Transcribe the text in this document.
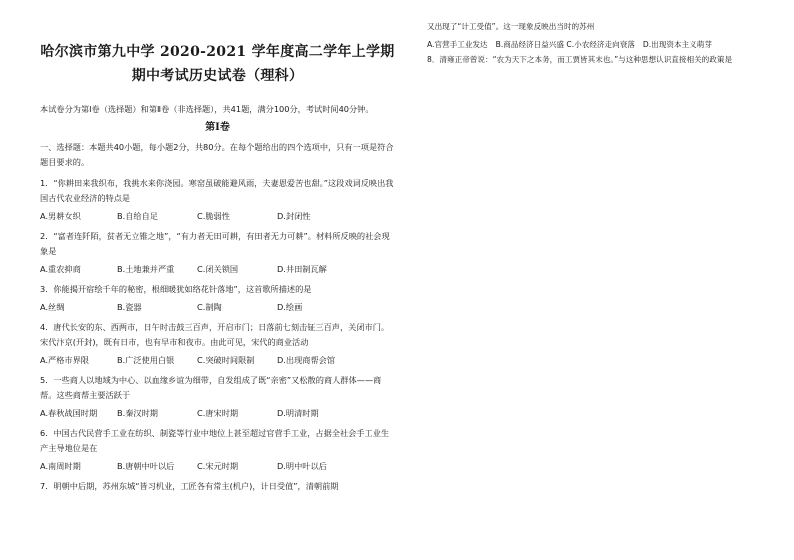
哈尔滨市第九中学 2020-2021 学年度高二学年上学期
期中考试历史试卷（理科）
本试卷分为第Ⅰ卷（选择题）和第Ⅱ卷（非选择题），共41题，满分100分，考试时间40分钟。
第Ⅰ卷
一、选择题：本题共40小题，每小题2分，共80分。在每个题给出的四个选项中，只有一项是符合题目要求的。
1．“你耕田来我织布，我挑水来你浇园。寒窑虽破能避风雨，夫妻恩爱苦也甜。”这段戏词反映出我国古代农业经济的特点是
A.男耕女织	B.自给自足	C.脆弱性	D.封闭性
2．“富者连阡陌，贫者无立锥之地”，“有力者无田可耕，有田者无力可耕”。材料所反映的社会现象是
A.重农抑商	B.土地兼并严重	C.闭关锁国	D.井田制瓦解
3．你能揭开宿绘千年的秘密，根细暖犹如络花针落地”，这首歌所描述的是
A.丝绸	B.瓷器	C.制陶	D.绘画
4．唐代长安的东、西两市，日午时击鼓三百声，开启市门；日落前七刻击钲三百声，关闭市门。宋代汴京(开封)，既有日市，也有早市和夜市。由此可见，宋代的商业活动
A.严格市界限	B.广泛使用白银	C.突破时间限制	D.出现商帮会馆
5．一些商人以地域为中心、以血缘乡谊为细带，自发组成了既“亲密”又松散的商人群体——商帮。这些商帮主要活跃于
A.春秋战国时期	B.秦汉时期	C.唐宋时期	D.明清时期
6．中国古代民营手工业在纺织、制瓷等行业中地位上甚至超过官营手工业，占据全社会手工业生产主导地位是在
A.南周时期	B.唐朝中叶以后	C.宋元时期	D.明中叶以后
7．明朝中后期，苏州东城“皆习机业，工匠各有常主(机户)，计日受值”，清朝前期
又出现了“计工受值”。这一现象反映出当时的苏州
A.官营手工业发达 B.商品经济日益兴盛 C.小农经济走向衰落 D.出现资本主义萌芽
8．清雍正帝曾说：“农为天下之本务，而工贾皆其末也。”与这种思想认识直接相关的政策是
